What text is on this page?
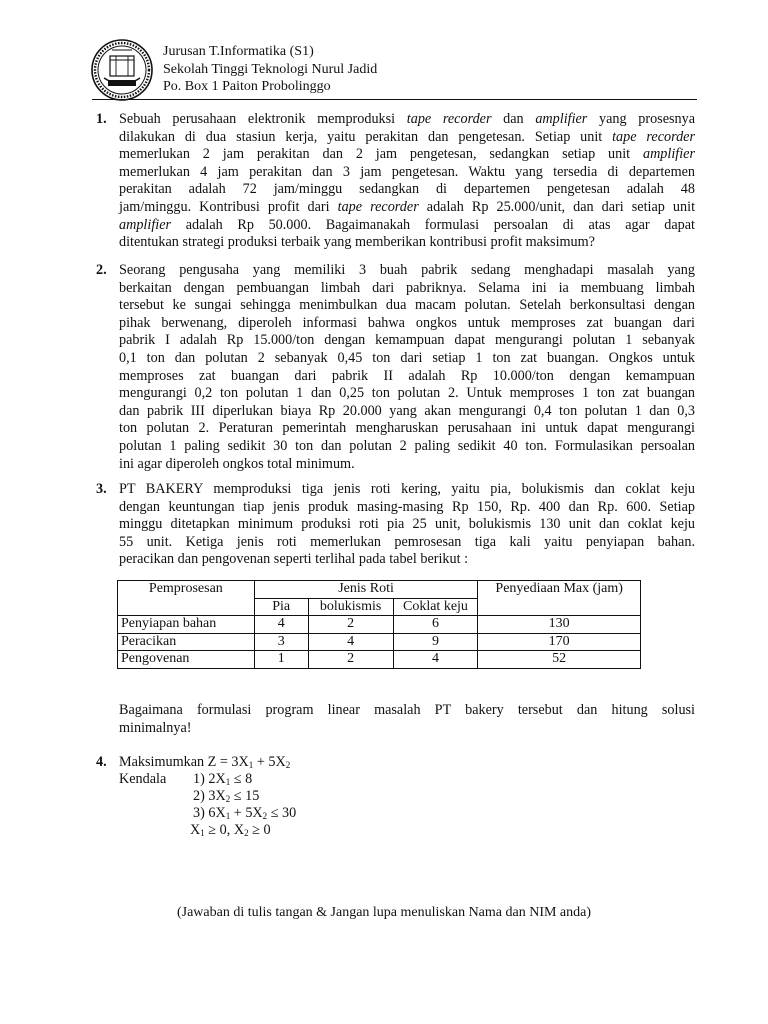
Jurusan T.Informatika (S1)
Sekolah Tinggi Teknologi Nurul Jadid
Po. Box 1 Paiton Probolinggo
1. Sebuah perusahaan elektronik memproduksi tape recorder dan amplifier yang prosesnya
dilakukan di dua stasiun kerja, yaitu perakitan dan pengetesan. Setiap unit tape recorder
memerlukan 2 jam perakitan dan 2 jam pengetesan, sedangkan setiap unit amplifier
memerlukan 4 jam perakitan dan 3 jam pengetesan. Waktu yang tersedia di departemen
perakitan adalah 72 jam/minggu sedangkan di departemen pengetesan adalah 48
jam/minggu. Kontribusi profit dari tape recorder adalah Rp 25.000/unit, dan dari setiap unit
amplifier adalah Rp 50.000. Bagaimanakah formulasi persoalan di atas agar dapat
ditentukan strategi produksi terbaik yang memberikan kontribusi profit maksimum?
2. Seorang pengusaha yang memiliki 3 buah pabrik sedang menghadapi masalah yang
berkaitan dengan pembuangan limbah dari pabriknya. Selama ini ia membuang limbah
tersebut ke sungai sehingga menimbulkan dua macam polutan. Setelah berkonsultasi dengan
pihak berwenang, diperoleh informasi bahwa ongkos untuk memproses zat buangan dari
pabrik I adalah Rp 15.000/ton dengan kemampuan dapat mengurangi polutan 1 sebanyak
0,1 ton dan polutan 2 sebanyak 0,45 ton dari setiap 1 ton zat buangan. Ongkos untuk
memproses zat buangan dari pabrik II adalah Rp 10.000/ton dengan kemampuan
mengurangi 0,2 ton polutan 1 dan 0,25 ton polutan 2. Untuk memproses 1 ton zat buangan
dan pabrik III diperlukan biaya Rp 20.000 yang akan mengurangi 0,4 ton polutan 1 dan 0,3
ton polutan 2. Peraturan pemerintah mengharuskan perusahaan ini untuk dapat mengurangi
polutan 1 paling sedikit 30 ton dan polutan 2 paling sedikit 40 ton. Formulasikan persoalan
ini agar diperoleh ongkos total minimum.
3. PT BAKERY memproduksi tiga jenis roti kering, yaitu pia, bolukismis dan coklat keju
dengan keuntungan tiap jenis produk masing-masing Rp 150, Rp. 400 dan Rp. 600. Setiap
minggu ditetapkan minimum produksi roti pia 25 unit, bolukismis 130 unit dan coklat keju
55 unit. Ketiga jenis roti memerlukan pemrosesan tiga kali yaitu penyiapan bahan.
peracikan dan pengovenan seperti terlihal pada tabel berikut :
Pemprosesan	Jenis Roti			Penyediaan Max (jam)
	Pia	bolukismis	Coklat keju	
Penyiapan bahan	4	2	6	130
Peracikan	3	4	9	170
Pengovenan	1	2	4	52
Bagaimana formulasi program linear masalah PT bakery tersebut dan hitung solusi
minimalnya!
4. Maksimumkan $Z = 3X_1 + 5X_2$
Kendala 1) $2X_1 \le 8$
2) $3X_2 \le 15$
3) $6X_1 + 5X_2 \le 30$
$X_1 \ge 0$, $X_2 \ge 0$
(Jawaban di tulis tangan & Jangan lupa menuliskan Nama dan NIM anda)
